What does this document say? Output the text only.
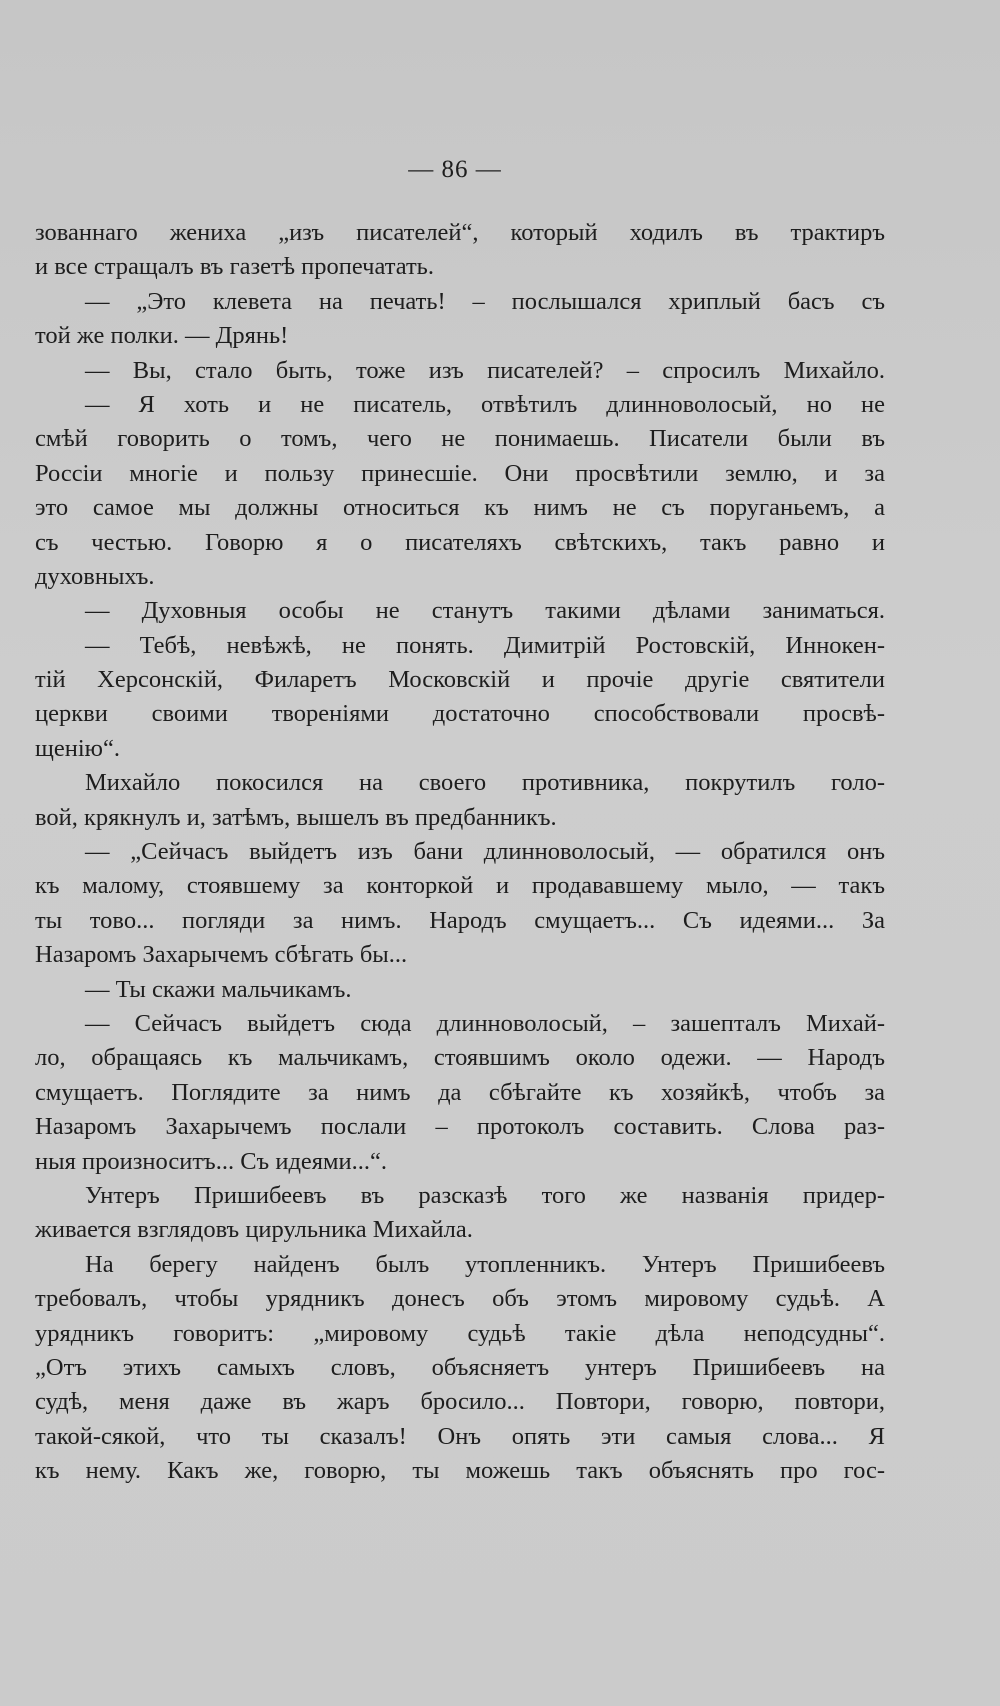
— 86 —
зованнаго жениха „изъ писателей“, который ходилъ въ трактиръ
и все стращалъ въ газетѣ пропечатать.
— „Это клевета на печать! – послышался хриплый басъ съ
той же полки. — Дрянь!
— Вы, стало быть, тоже изъ писателей? – спросилъ Михайло.
— Я хоть и не писатель, отвѣтилъ длинноволосый, но не
смѣй говорить о томъ, чего не понимаешь. Писатели были въ
Россіи многіе и пользу принесшіе. Они просвѣтили землю, и за
это самое мы должны относиться къ нимъ не съ поруганьемъ, а
съ честью. Говорю я о писателяхъ свѣтскихъ, такъ равно и
духовныхъ.
— Духовныя особы не станутъ такими дѣлами заниматься.
— Тебѣ, невѣжѣ, не понять. Димитрій Ростовскій, Иннокен-
тій Херсонскій, Филаретъ Московскій и прочіе другіе святители
церкви своими твореніями достаточно способствовали просвѣ-
щенію“.
Михайло покосился на своего противника, покрутилъ голо-
вой, крякнулъ и, затѣмъ, вышелъ въ предбанникъ.
— „Сейчасъ выйдетъ изъ бани длинноволосый, — обратился онъ
къ малому, стоявшему за конторкой и продававшему мыло, — такъ
ты тово... погляди за нимъ. Народъ смущаетъ... Съ идеями... За
Назаромъ Захарычемъ сбѣгать бы...
— Ты скажи мальчикамъ.
— Сейчасъ выйдетъ сюда длинноволосый, – зашепталъ Михай-
ло, обращаясь къ мальчикамъ, стоявшимъ около одежи. — Народъ
смущаетъ. Поглядите за нимъ да сбѣгайте къ хозяйкѣ, чтобъ за
Назаромъ Захарычемъ послали – протоколъ составить. Слова раз-
ныя произноситъ... Съ идеями...“.
Унтеръ Пришибеевъ въ разсказѣ того же названія придер-
живается взглядовъ цирульника Михайла.
На берегу найденъ былъ утопленникъ. Унтеръ Пришибеевъ
требовалъ, чтобы урядникъ донесъ объ этомъ мировому судьѣ. А
урядникъ говоритъ: „мировому судьѣ такіе дѣла неподсудны“.
„Отъ этихъ самыхъ словъ, объясняетъ унтеръ Пришибеевъ на
судѣ, меня даже въ жаръ бросило... Повтори, говорю, повтори,
такой-сякой, что ты сказалъ! Онъ опять эти самыя слова... Я
къ нему. Какъ же, говорю, ты можешь такъ объяснять про гос-
